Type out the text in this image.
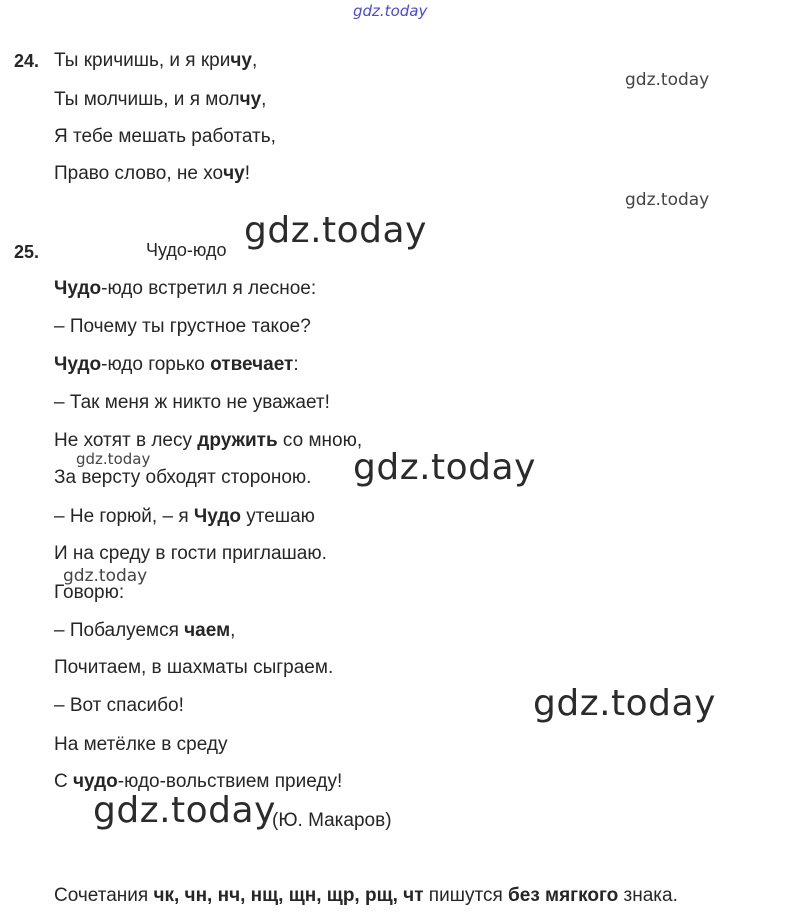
gdz.today
gdz.today
gdz.today
gdz.today
gdz.today	gdz.today
gdz.today
gdz.today
gdz.today
24. Ты кричишь, и я кричу,
Ты молчишь, и я молчу,
Я тебе мешать работать,
Право слово, не хочу!
25.	Чудо-юдо
Чудо-юдо встретил я лесное:
– Почему ты грустное такое?
Чудо-юдо горько отвечает:
– Так меня ж никто не уважает!
Не хотят в лесу дружить со мною,
За версту обходят стороною.
– Не горюй, – я Чудо утешаю
И на среду в гости приглашаю.
Говорю:
– Побалуемся чаем,
Почитаем, в шахматы сыграем.
– Вот спасибо!
На метёлке в среду
С чудо-юдо-вольствием приеду!
(Ю. Макаров)
Сочетания чк, чн, нч, нщ, щн, щр, рщ, чт пишутся без мягкого знака.
